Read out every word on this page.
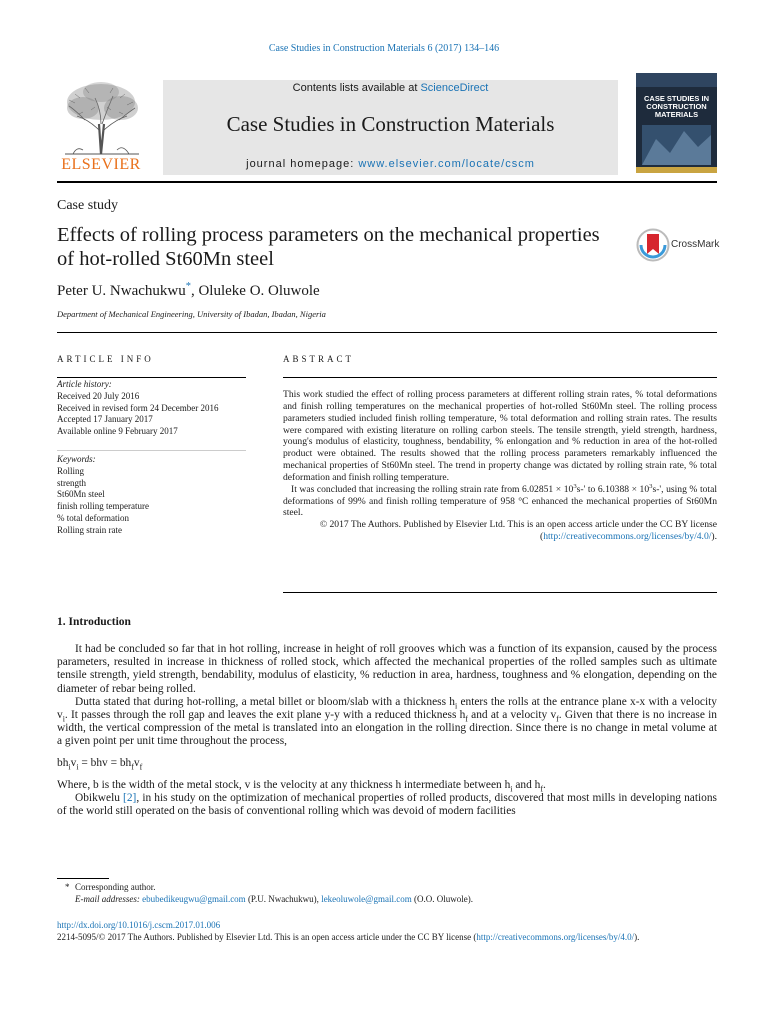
Case Studies in Construction Materials 6 (2017) 134–146
ELSEVIER
Contents lists available at ScienceDirect
Case Studies in Construction Materials
journal homepage: www.elsevier.com/locate/cscm
CASE STUDIES IN CONSTRUCTION MATERIALS
Case study
Effects of rolling process parameters on the mechanical properties of hot-rolled St60Mn steel
CrossMark
Peter U. Nwachukwu*, Oluleke O. Oluwole
Department of Mechanical Engineering, University of Ibadan, Ibadan, Nigeria
ARTICLE INFO
Article history:
Received 20 July 2016
Received in revised form 24 December 2016
Accepted 17 January 2017
Available online 9 February 2017
Keywords:
Rolling
strength
St60Mn steel
finish rolling temperature
% total deformation
Rolling strain rate
ABSTRACT

This work studied the effect of rolling process parameters at different rolling strain rates, % total deformations and finish rolling temperatures on the mechanical properties of hot-rolled St60Mn steel. The rolling process parameters studied included finish rolling temperature, % total deformation and rolling strain rates. The results were compared with existing literature on rolling carbon steels. The tensile strength, yield strength, hardness, young's modulus of elasticity, toughness, bendability, % enlongation and % reduction in area of the hot-rolled product were obtained. The results showed that the rolling process parameters remarkably influenced the mechanical properties of St60Mn steel. The trend in property change was dictated by rolling strain rate, % total deformation and finish rolling temperature.

It was concluded that increasing the rolling strain rate from $6.02851 \times 10^3s-'$ to $6.10388 \times 10^3s-'$, using % total deformations of 99% and finish rolling temperature of 958 °C enhanced the mechanical properties of St60Mn steel.

© 2017 The Authors. Published by Elsevier Ltd. This is an open access article under the CC BY license (http://creativecommons.org/licenses/by/4.0/).

1. Introduction

It had be concluded so far that in hot rolling, increase in height of roll grooves which was a function of its expansion, caused by the process parameters, resulted in increase in thickness of rolled stock, which affected the mechanical properties of the rolled samples such as ultimate tensile strength, yield strength, bendability, modulus of elasticity, % reduction in area, hardness, toughness and % elongation, depending on the diameter of rebar being rolled.

Dutta stated that during hot-rolling, a metal billet or bloom/slab with a thickness $h_i$ enters the rolls at the entrance plane x-x with a velocity $v_i$. It passes through the roll gap and leaves the exit plane y-y with a reduced thickness $h_f$ and at a velocity $v_f$. Given that there is no increase in width, the vertical compression of the metal is translated into an elongation in the rolling direction. Since there is no change in metal volume at a given point per unit time throughout the process,

$bh_iv_i$ = bhv = $bh_fv_f$

Where, b is the width of the metal stock, v is the velocity at any thickness h intermediate between $h_i$ and $h_f$.

Obikwelu [2], in his study on the optimization of mechanical properties of rolled products, discovered that most mills in developing nations of the world still operated on the basis of conventional rolling which was devoid of modern facilities

* Corresponding author.
E-mail addresses: ebubedikeugwu@gmail.com (P.U. Nwachukwu), lekeoluwole@gmail.com (O.O. Oluwole).
http://dx.doi.org/10.1016/j.cscm.2017.01.006
2214-5095/© 2017 The Authors. Published by Elsevier Ltd. This is an open access article under the CC BY license (http://creativecommons.org/licenses/by/4.0/).
